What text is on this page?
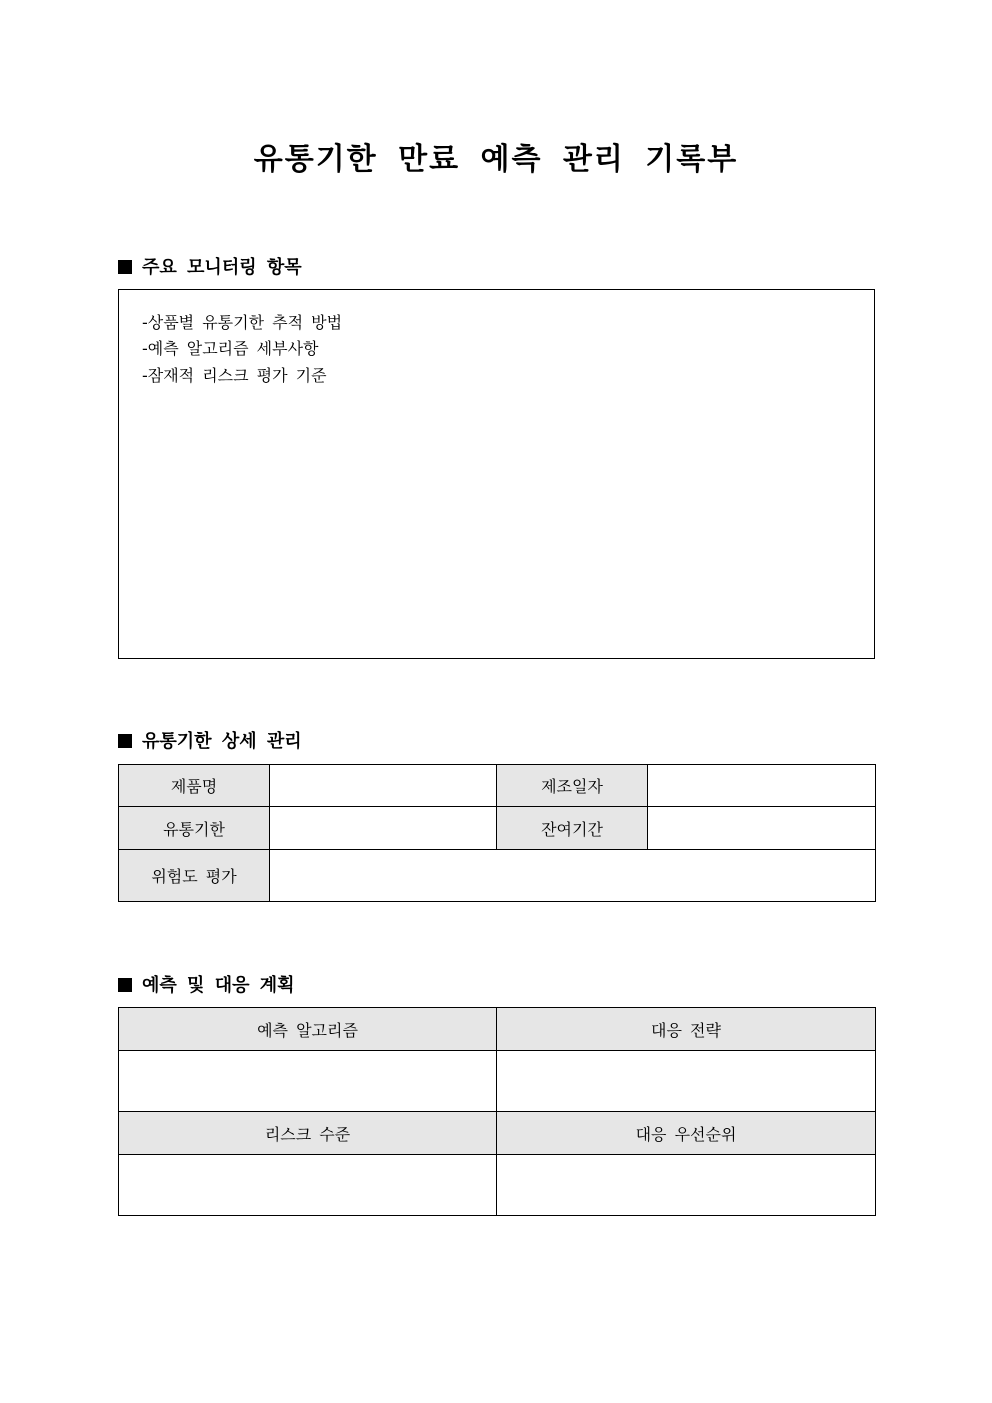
유통기한 만료 예측 관리 기록부
주요 모니터링 항목
-상품별 유통기한 추적 방법
-예측 알고리즘 세부사항
-잠재적 리스크 평가 기준
유통기한 상세 관리
제품명		제조일자	
유통기한		잔여기간	
위험도 평가			
예측 및 대응 계획
예측 알고리즘	대응 전략

리스크 수준	대응 우선순위
